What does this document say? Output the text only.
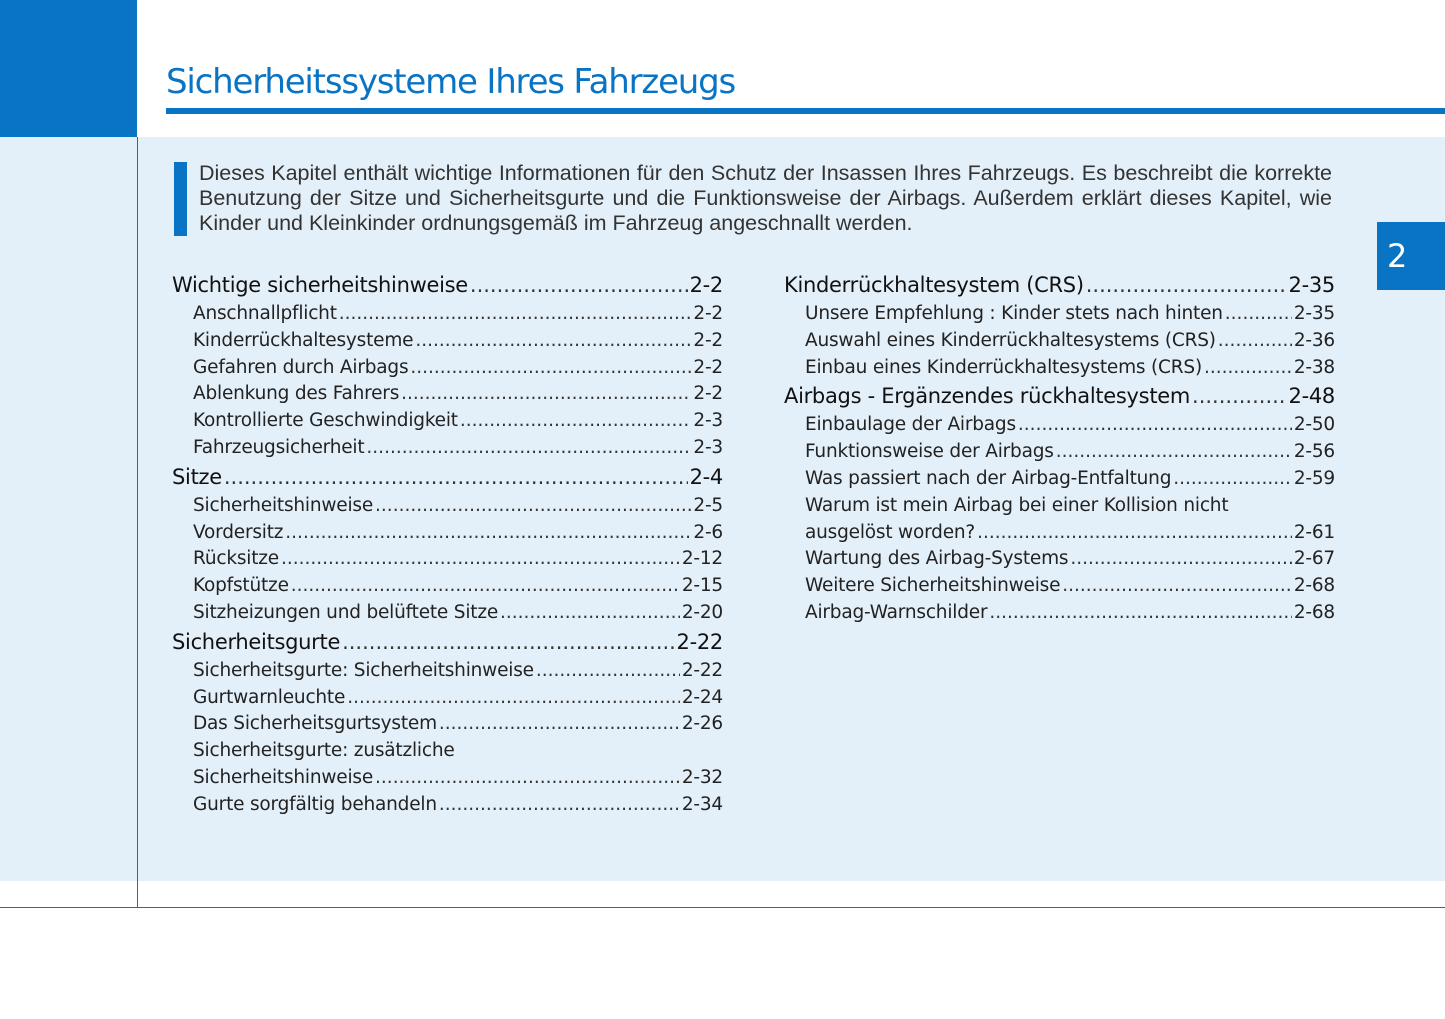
Sicherheitssysteme Ihres Fahrzeugs
2

Dieses Kapitel enthält wichtige Informationen für den Schutz der Insassen Ihres Fahrzeugs. Es beschreibt die korrekte Benutzung der Sitze und Sicherheitsgurte und die Funktionsweise der Airbags. Außerdem erklärt dieses Kapitel, wie Kinder und Kleinkinder ordnungsgemäß im Fahrzeug angeschnallt werden.

Wichtige sicherheitshinweise .....	2-2
Anschnallpflicht .....	2-2
Kinderrückhaltesysteme .....	2-2
Gefahren durch Airbags .....	2-2
Ablenkung des Fahrers .....	2-2
Kontrollierte Geschwindigkeit .....	2-3
Fahrzeugsicherheit .....	2-3
Sitze .....	2-4
Sicherheitshinweise .....	2-5
Vordersitz .....	2-6
Rücksitze .....	2-12
Kopfstütze .....	2-15
Sitzheizungen und belüftete Sitze .....	2-20
Sicherheitsgurte .....	2-22
Sicherheitsgurte: Sicherheitshinweise .....	2-22
Gurtwarnleuchte .....	2-24
Das Sicherheitsgurtsystem .....	2-26
Sicherheitsgurte: zusätzliche
Sicherheitshinweise .....	2-32
Gurte sorgfältig behandeln .....	2-34
Kinderrückhaltesystem (CRS) .....	2-35
Unsere Empfehlung : Kinder stets nach hinten .....	2-35
Auswahl eines Kinderrückhaltesystems (CRS) .....	2-36
Einbau eines Kinderrückhaltesystems (CRS) .....	2-38
Airbags - Ergänzendes rückhaltesystem .....	2-48
Einbaulage der Airbags .....	2-50
Funktionsweise der Airbags .....	2-56
Was passiert nach der Airbag-Entfaltung .....	2-59
Warum ist mein Airbag bei einer Kollision nicht
ausgelöst worden? .....	2-61
Wartung des Airbag-Systems .....	2-67
Weitere Sicherheitshinweise .....	2-68
Airbag-Warnschilder .....	2-68
